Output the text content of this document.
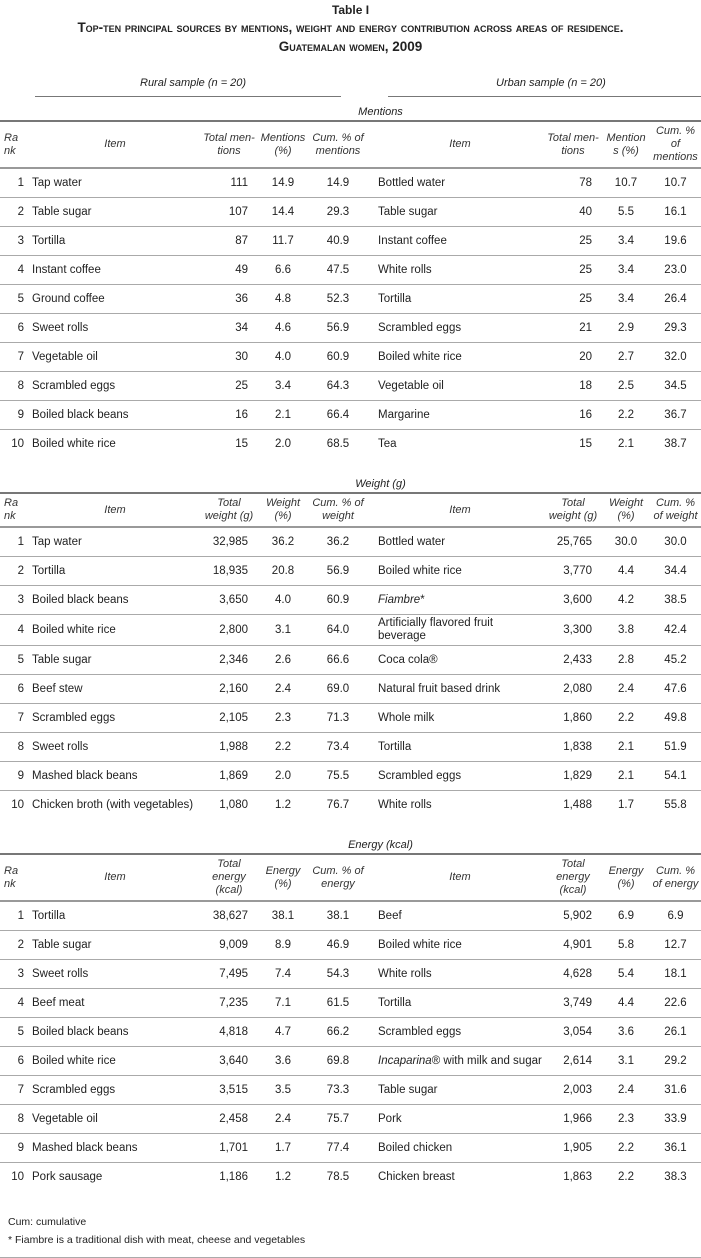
Table I
Top-ten principal sources by mentions, weight and energy contribution across areas of residence.
Guatemalan women, 2009
Rural sample (n = 20)	Urban sample (n = 20)
Mentions
Rank	Item	Total men-tions	Mentions (%)	Cum. % of mentions	Item	Total men-tions	Mentions (%)	Cum. % of mentions
1	Tap water	111	14.9	14.9	Bottled water	78	10.7	10.7
2	Table sugar	107	14.4	29.3	Table sugar	40	5.5	16.1
3	Tortilla	87	11.7	40.9	Instant coffee	25	3.4	19.6
4	Instant coffee	49	6.6	47.5	White rolls	25	3.4	23.0
5	Ground coffee	36	4.8	52.3	Tortilla	25	3.4	26.4
6	Sweet rolls	34	4.6	56.9	Scrambled eggs	21	2.9	29.3
7	Vegetable oil	30	4.0	60.9	Boiled white rice	20	2.7	32.0
8	Scrambled eggs	25	3.4	64.3	Vegetable oil	18	2.5	34.5
9	Boiled black beans	16	2.1	66.4	Margarine	16	2.2	36.7
10	Boiled white rice	15	2.0	68.5	Tea	15	2.1	38.7
Weight (g)
Rank	Item	Total weight (g)	Weight (%)	Cum. % of weight	Item	Total weight (g)	Weight (%)	Cum. % of weight
1	Tap water	32,985	36.2	36.2	Bottled water	25,765	30.0	30.0
2	Tortilla	18,935	20.8	56.9	Boiled white rice	3,770	4.4	34.4
3	Boiled black beans	3,650	4.0	60.9	Fiambre*	3,600	4.2	38.5
4	Boiled white rice	2,800	3.1	64.0	Artificially flavored fruit beverage	3,300	3.8	42.4
5	Table sugar	2,346	2.6	66.6	Coca cola®	2,433	2.8	45.2
6	Beef stew	2,160	2.4	69.0	Natural fruit based drink	2,080	2.4	47.6
7	Scrambled eggs	2,105	2.3	71.3	Whole milk	1,860	2.2	49.8
8	Sweet rolls	1,988	2.2	73.4	Tortilla	1,838	2.1	51.9
9	Mashed black beans	1,869	2.0	75.5	Scrambled eggs	1,829	2.1	54.1
10	Chicken broth (with vegetables)	1,080	1.2	76.7	White rolls	1,488	1.7	55.8
Energy (kcal)
Rank	Item	Total energy (kcal)	Energy (%)	Cum. % of energy	Item	Total energy (kcal)	Energy (%)	Cum. % of energy
1	Tortilla	38,627	38.1	38.1	Beef	5,902	6.9	6.9
2	Table sugar	9,009	8.9	46.9	Boiled white rice	4,901	5.8	12.7
3	Sweet rolls	7,495	7.4	54.3	White rolls	4,628	5.4	18.1
4	Beef meat	7,235	7.1	61.5	Tortilla	3,749	4.4	22.6
5	Boiled black beans	4,818	4.7	66.2	Scrambled eggs	3,054	3.6	26.1
6	Boiled white rice	3,640	3.6	69.8	Incaparina® with milk and sugar	2,614	3.1	29.2
7	Scrambled eggs	3,515	3.5	73.3	Table sugar	2,003	2.4	31.6
8	Vegetable oil	2,458	2.4	75.7	Pork	1,966	2.3	33.9
9	Mashed black beans	1,701	1.7	77.4	Boiled chicken	1,905	2.2	36.1
10	Pork sausage	1,186	1.2	78.5	Chicken breast	1,863	2.2	38.3
Cum: cumulative
* Fiambre is a traditional dish with meat, cheese and vegetables
